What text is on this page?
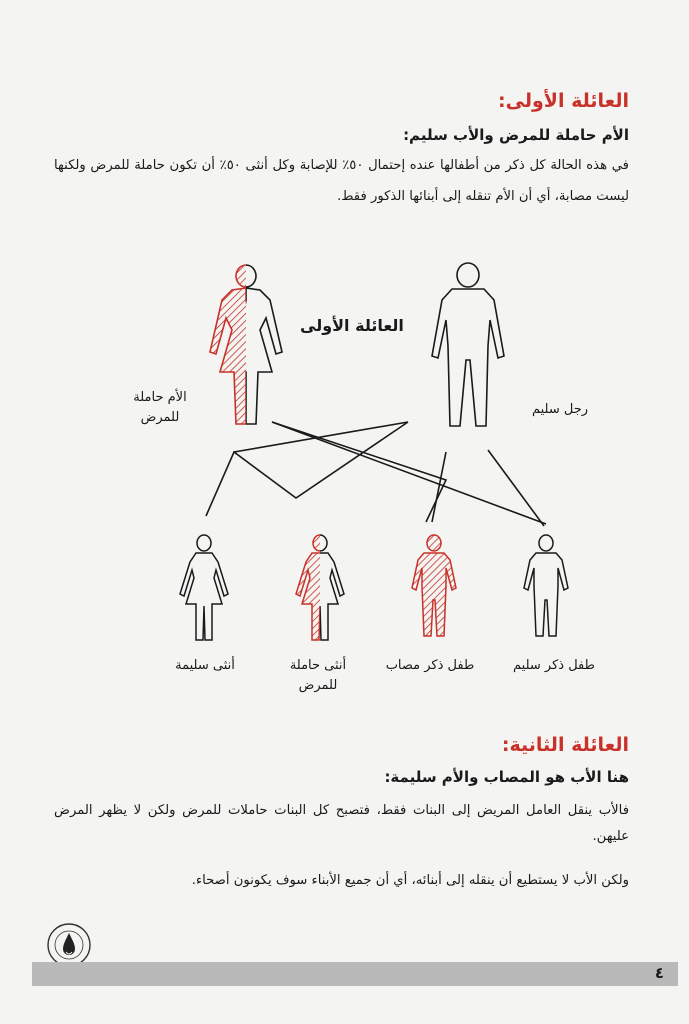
العائلة الأولى:
الأم حاملة للمرض والأب سليم:
في هذه الحالة كل ذكر من أطفالها عنده إحتمال ٥٠٪ للإصابة وكل أنثى ٥٠٪ أن تكون حاملة للمرض ولكنها ليست مصابة، أي أن الأم تنقله إلى أبنائها الذكور فقط.
العائلة الأولى
الأم حاملة
للمرض
رجل سليم
أنثى سليمة	أنثى حاملة
للمرض
طفل ذكر مصاب	طفل ذكر سليم
العائلة الثانية:
هنا الأب هو المصاب والأم سليمة:
فالأب ينقل العامل المريض إلى البنات فقط، فتصبح كل البنات حاملات للمرض ولكن لا يظهر المرض عليهن.
ولكن الأب لا يستطيع أن ينقله إلى أبنائه، أي أن جميع الأبناء سوف يكونون أصحاء.
٤
